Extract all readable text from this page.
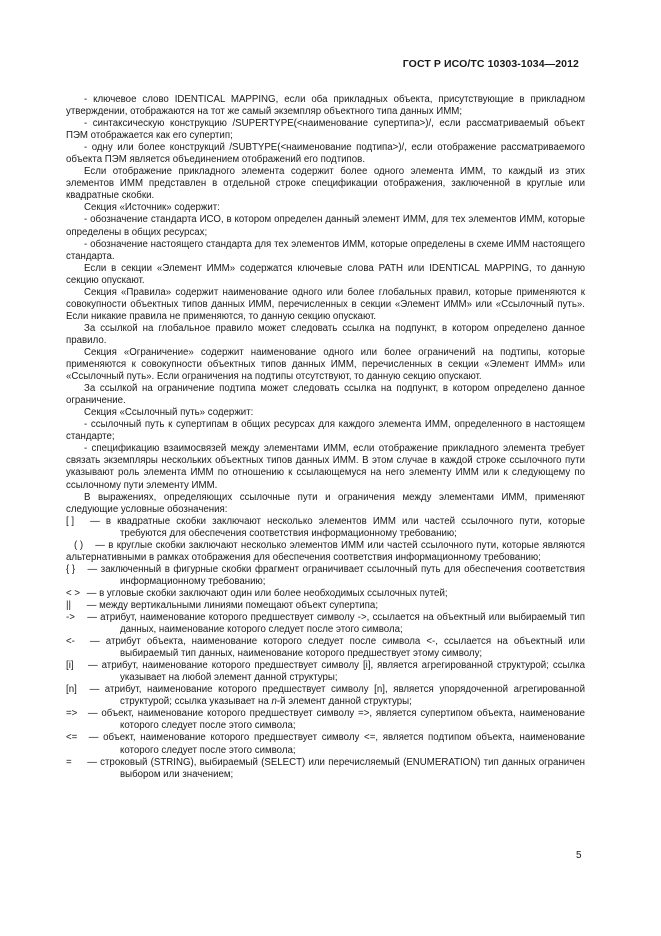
ГОСТ Р ИСО/ТС 10303-1034—2012

- ключевое слово IDENTICAL MAPPING, если оба прикладных объекта, присутствующие в прикладном утверждении, отображаются на тот же самый экземпляр объектного типа данных ИММ;

- синтаксическую конструкцию /SUPERTYPE(<наименование супертипа>)/, если рассматриваемый объект ПЭМ отображается как его супертип;

- одну или более конструкций /SUBTYPE(<наименование подтипа>)/, если отображение рассматриваемого объекта ПЭМ является объединением отображений его подтипов.

Если отображение прикладного элемента содержит более одного элемента ИММ, то каждый из этих элементов ИММ представлен в отдельной строке спецификации отображения, заключенной в круглые или квадратные скобки.

Секция «Источник» содержит:

- обозначение стандарта ИСО, в котором определен данный элемент ИММ, для тех элементов ИММ, которые определены в общих ресурсах;

- обозначение настоящего стандарта для тех элементов ИММ, которые определены в схеме ИММ настоящего стандарта.

Если в секции «Элемент ИММ» содержатся ключевые слова PATH или IDENTICAL MAPPING, то данную секцию опускают.

Секция «Правила» содержит наименование одного или более глобальных правил, которые применяются к совокупности объектных типов данных ИММ, перечисленных в секции «Элемент ИММ» или «Ссылочный путь». Если никакие правила не применяются, то данную секцию опускают.

За ссылкой на глобальное правило может следовать ссылка на подпункт, в котором определено данное правило.

Секция «Ограничение» содержит наименование одного или более ограничений на подтипы, которые применяются к совокупности объектных типов данных ИММ, перечисленных в секции «Элемент ИММ» или «Ссылочный путь». Если ограничения на подтипы отсутствуют, то данную секцию опускают.

За ссылкой на ограничение подтипа может следовать ссылка на подпункт, в котором определено данное ограничение.

Секция «Ссылочный путь» содержит:

- ссылочный путь к супертипам в общих ресурсах для каждого элемента ИММ, определенного в настоящем стандарте;

- спецификацию взаимосвязей между элементами ИММ, если отображение прикладного элемента требует связать экземпляры нескольких объектных типов данных ИММ. В этом случае в каждой строке ссылочного пути указывают роль элемента ИММ по отношению к ссылающемуся на него элементу ИММ или к следующему по ссылочному пути элементу ИММ.

В выражениях, определяющих ссылочные пути и ограничения между элементами ИММ, применяют следующие условные обозначения:

[ ] — в квадратные скобки заключают несколько элементов ИММ или частей ссылочного пути, которые требуются для обеспечения соответствия информационному требованию;
( ) — в круглые скобки заключают несколько элементов ИММ или частей ссылочного пути, которые являются альтернативными в рамках отображения для обеспечения соответствия информационному требованию;
{ } — заключенный в фигурные скобки фрагмент ограничивает ссылочный путь для обеспечения соответствия информационному требованию;
< > — в угловые скобки заключают один или более необходимых ссылочных путей;
|| — между вертикальными линиями помещают объект супертипа;
-> — атрибут, наименование которого предшествует символу ->, ссылается на объектный или выбираемый тип данных, наименование которого следует после этого символа;
<- — атрибут объекта, наименование которого следует после символа <-, ссылается на объектный или выбираемый тип данных, наименование которого предшествует этому символу;
[i] — атрибут, наименование которого предшествует символу [i], является агрегированной структурой; ссылка указывает на любой элемент данной структуры;
[n] — атрибут, наименование которого предшествует символу [n], является упорядоченной агрегированной структурой; ссылка указывает на n-й элемент данной структуры;
=> — объект, наименование которого предшествует символу =>, является супертипом объекта, наименование которого следует после этого символа;
<= — объект, наименование которого предшествует символу <=, является подтипом объекта, наименование которого следует после этого символа;
= — строковый (STRING), выбираемый (SELECT) или перечисляемый (ENUMERATION) тип данных ограничен выбором или значением;
5
